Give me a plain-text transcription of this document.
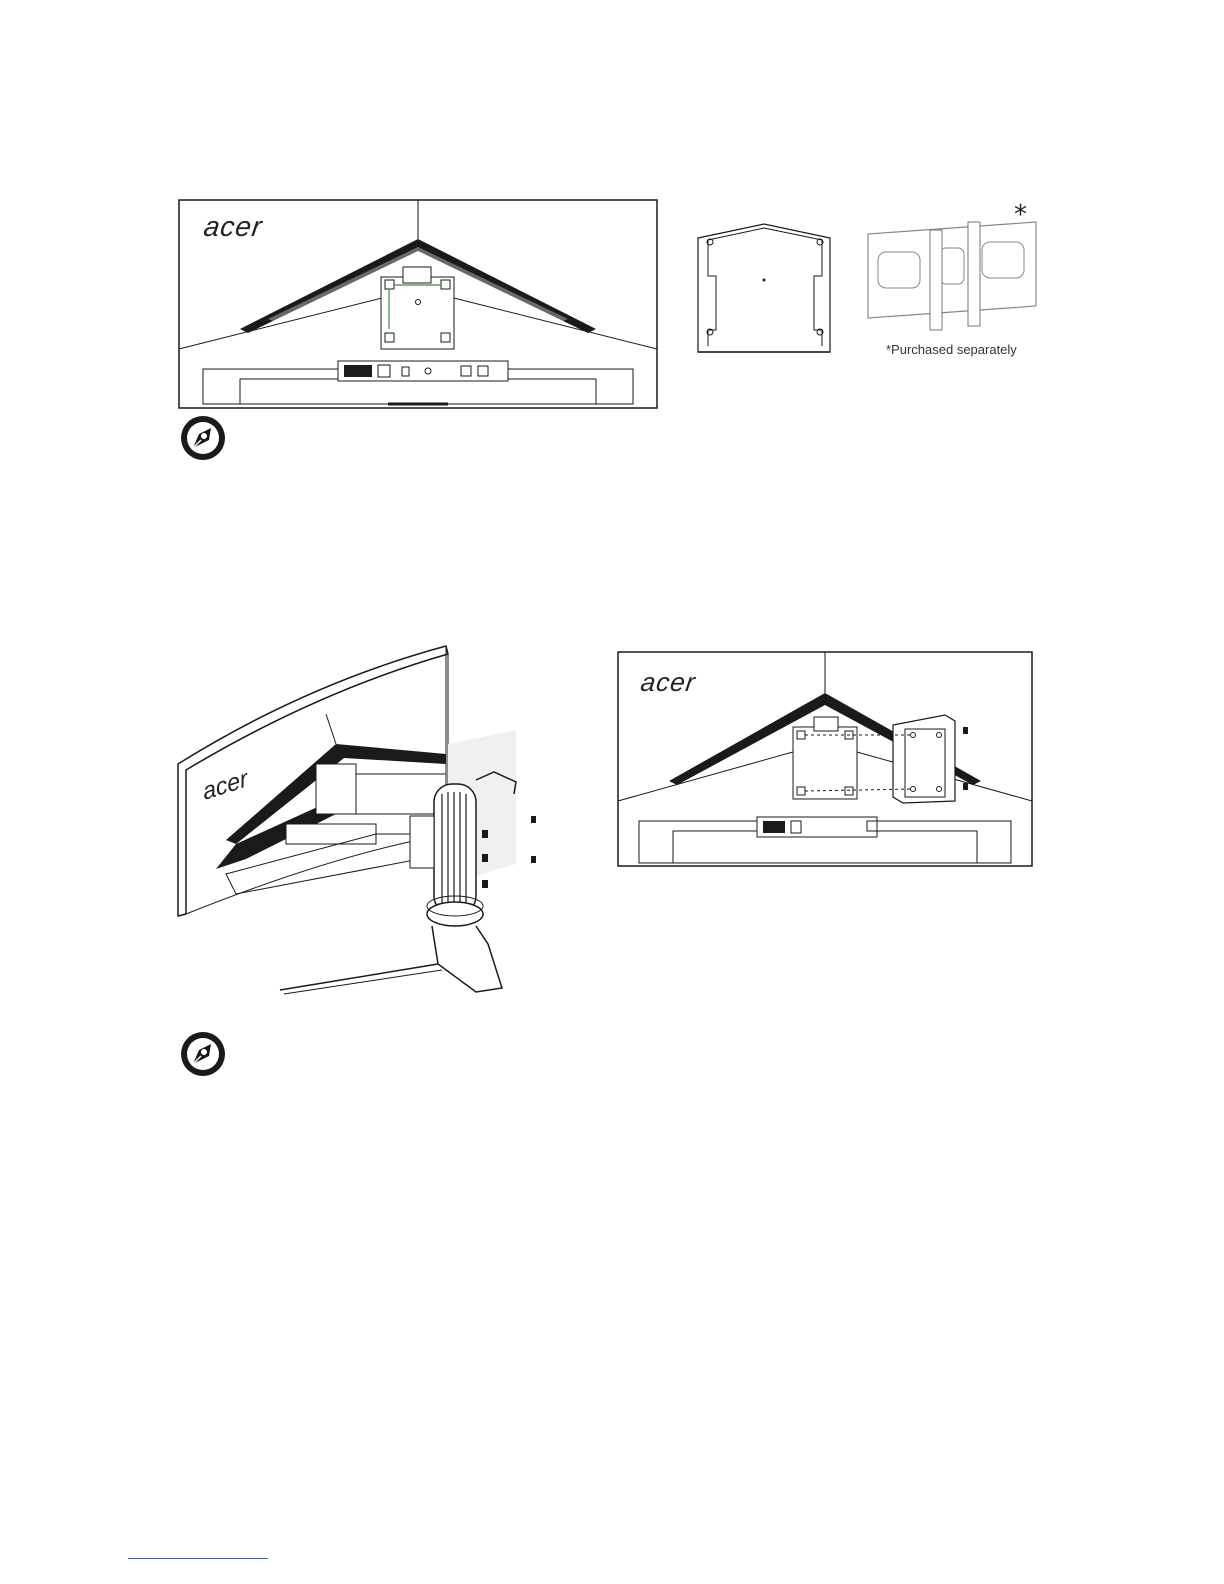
acer	*
*Purchased separately
acer
acer
